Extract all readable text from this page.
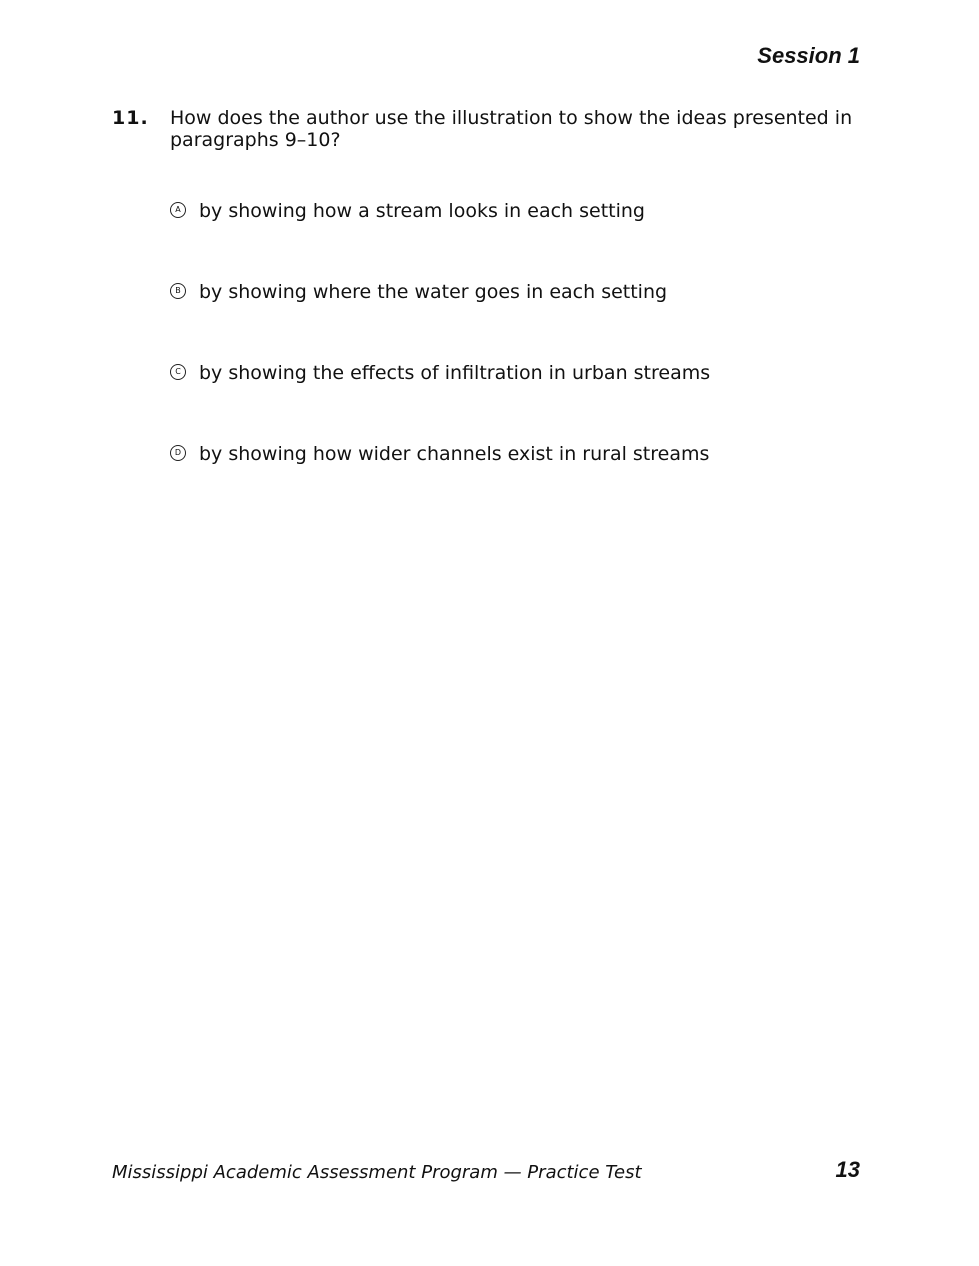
Session 1
11. How does the author use the illustration to show the ideas presented in paragraphs 9–10?

A by showing how a stream looks in each setting
B by showing where the water goes in each setting
C by showing the effects of infiltration in urban streams
D by showing how wider channels exist in rural streams

Mississippi Academic Assessment Program — Practice Test	13
